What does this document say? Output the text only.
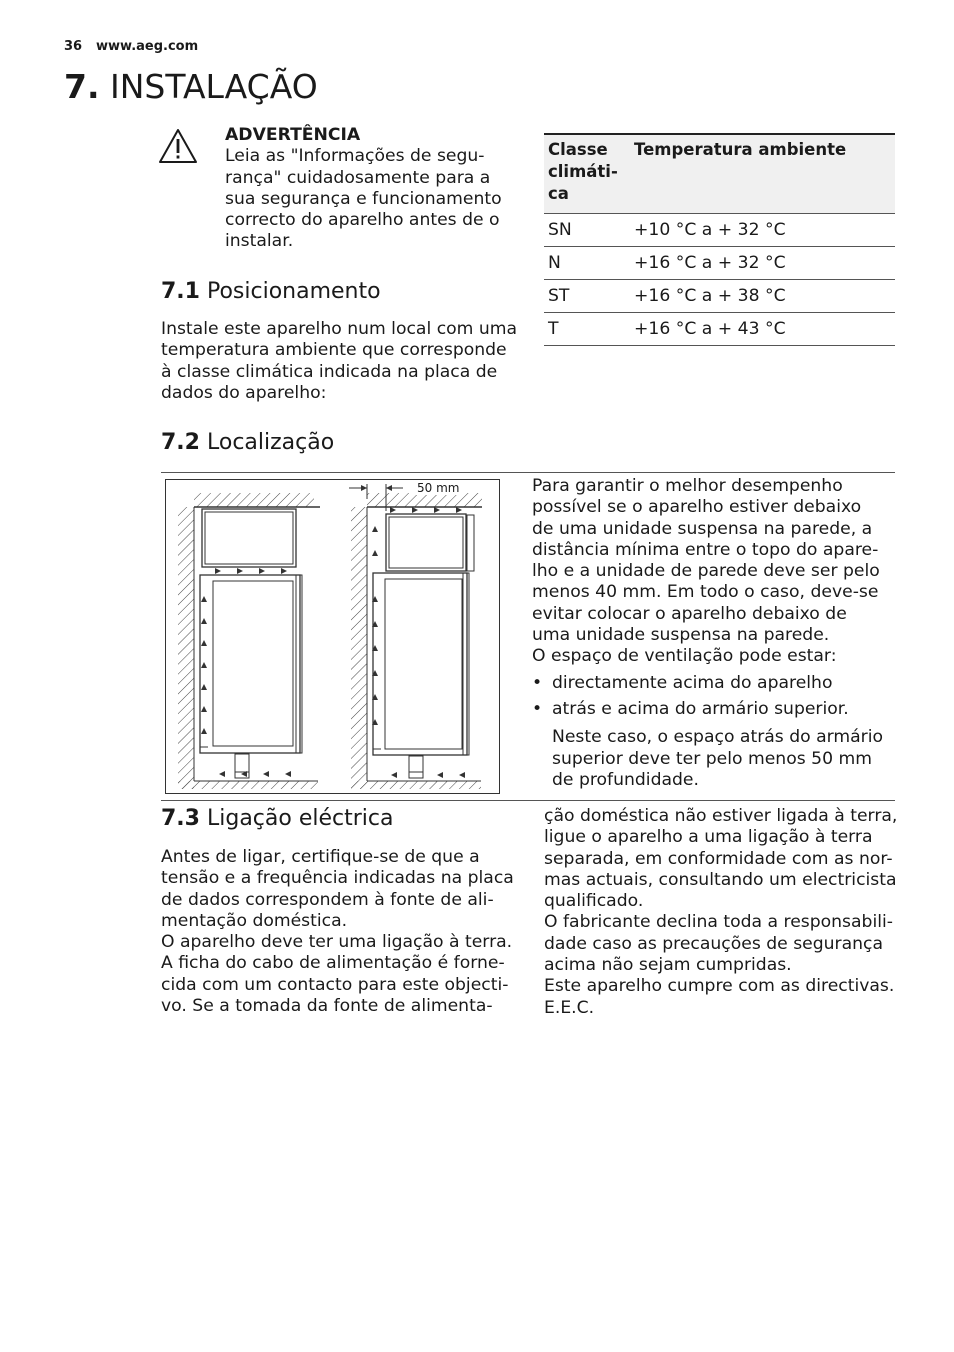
36 www.aeg.com
7. INSTALAÇÃO
ADVERTÊNCIA
Leia as "Informações de segu-
rança" cuidadosamente para a
sua segurança e funcionamento
correcto do aparelho antes de o
instalar.
Classe
climáti-
ca	Temperatura ambiente
SN	+10 °C a + 32 °C
N	+16 °C a + 32 °C
ST	+16 °C a + 38 °C
T	+16 °C a + 43 °C
7.1 Posicionamento
Instale este aparelho num local com uma
temperatura ambiente que corresponde
à classe climática indicada na placa de
dados do aparelho:
7.2 Localização
50 mm	Para garantir o melhor desempenho
possível se o aparelho estiver debaixo
de uma unidade suspensa na parede, a
distância mínima entre o topo do apare-
lho e a unidade de parede deve ser pelo
menos 40 mm. Em todo o caso, deve-se
evitar colocar o aparelho debaixo de
uma unidade suspensa na parede.
O espaço de ventilação pode estar:
• directamente acima do aparelho
• atrás e acima do armário superior.
Neste caso, o espaço atrás do armário
superior deve ter pelo menos 50 mm
de profundidade.
7.3 Ligação eléctrica
Antes de ligar, certifique-se de que a
tensão e a frequência indicadas na placa
de dados correspondem à fonte de ali-
mentação doméstica.
O aparelho deve ter uma ligação à terra.
A ficha do cabo de alimentação é forne-
cida com um contacto para este objecti-
vo. Se a tomada da fonte de alimenta-
ção doméstica não estiver ligada à terra,
ligue o aparelho a uma ligação à terra
separada, em conformidade com as nor-
mas actuais, consultando um electricista
qualificado.
O fabricante declina toda a responsabili-
dade caso as precauções de segurança
acima não sejam cumpridas.
Este aparelho cumpre com as directivas.
E.E.C.
